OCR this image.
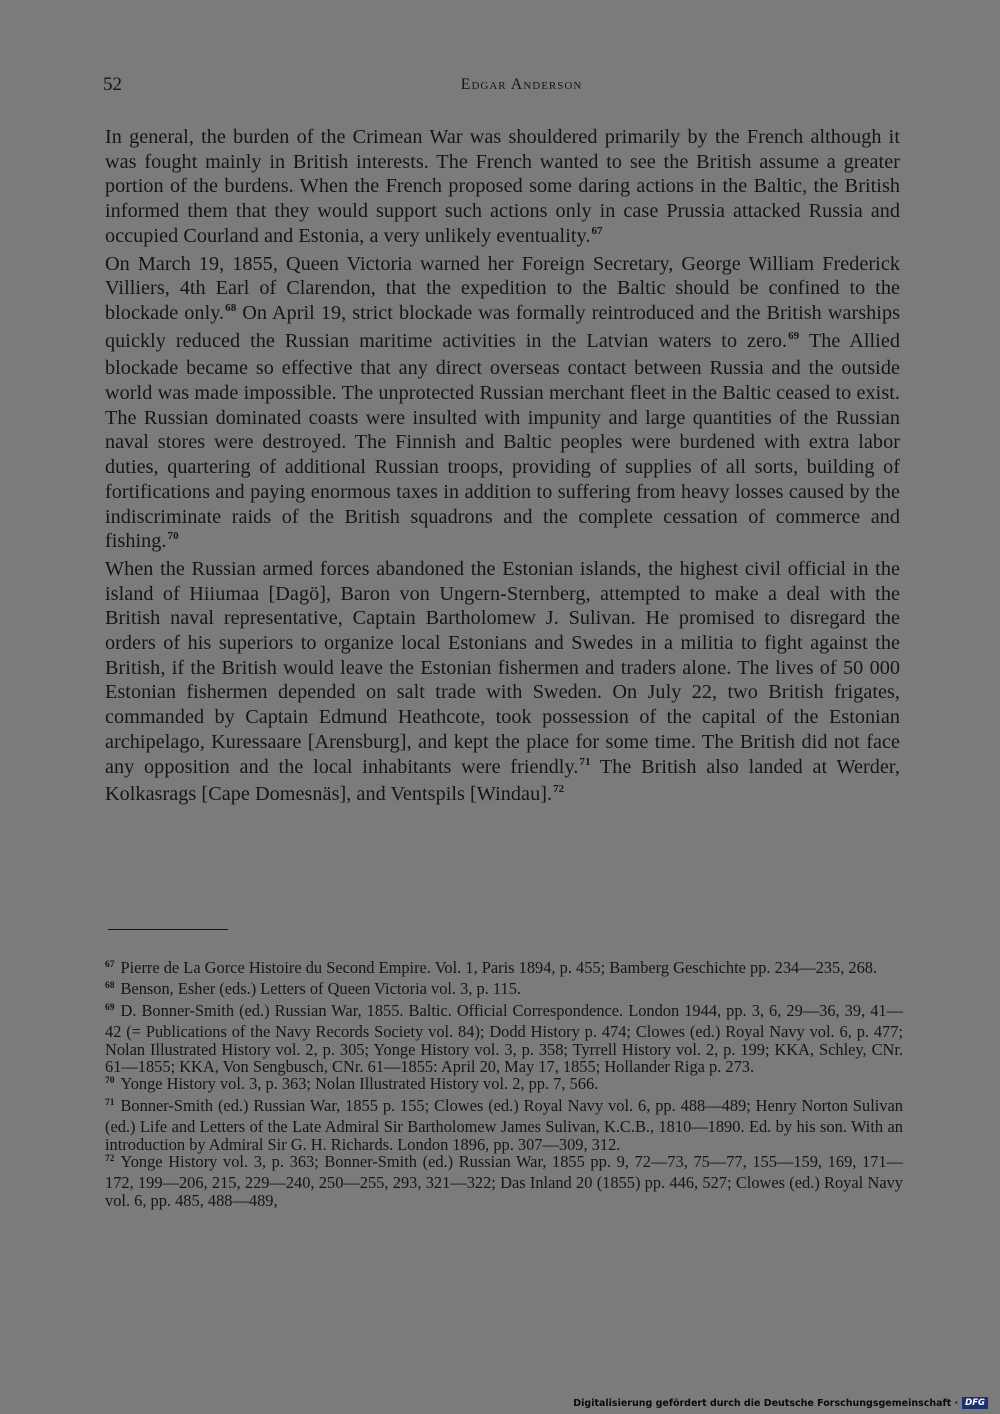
52	Edgar Anderson

In general, the burden of the Crimean War was shouldered primarily by the French although it was fought mainly in British interests. The French wanted to see the British assume a greater portion of the burdens. When the French proposed some daring actions in the Baltic, the British informed them that they would support such actions only in case Prussia attacked Russia and occupied Courland and Estonia, a very unlikely eventuality.$^{67}$

On March 19, 1855, Queen Victoria warned her Foreign Secretary, George William Frederick Villiers, 4th Earl of Clarendon, that the expedition to the Baltic should be confined to the blockade only.$^{68}$ On April 19, strict blockade was formally reintroduced and the British warships quickly reduced the Russian maritime activities in the Latvian waters to zero.$^{69}$ The Allied blockade became so effective that any direct overseas contact between Russia and the outside world was made impossible. The unprotected Russian merchant fleet in the Baltic ceased to exist. The Russian dominated coasts were insulted with impunity and large quantities of the Russian naval stores were destroyed. The Finnish and Baltic peoples were burdened with extra labor duties, quartering of additional Russian troops, providing of supplies of all sorts, building of fortifications and paying enormous taxes in addition to suffering from heavy losses caused by the indiscriminate raids of the British squadrons and the complete cessation of commerce and fishing.$^{70}$

When the Russian armed forces abandoned the Estonian islands, the highest civil official in the island of Hiiumaa [Dagö], Baron von Ungern-Sternberg, attempted to make a deal with the British naval representative, Captain Bartholomew J. Sulivan. He promised to disregard the orders of his superiors to organize local Estonians and Swedes in a militia to fight against the British, if the British would leave the Estonian fishermen and traders alone. The lives of 50 000 Estonian fishermen depended on salt trade with Sweden. On July 22, two British frigates, commanded by Captain Edmund Heathcote, took possession of the capital of the Estonian archipelago, Kuressaare [Arensburg], and kept the place for some time. The British did not face any opposition and the local inhabitants were friendly.$^{71}$ The British also landed at Werder, Kolkasrags [Cape Domesnäs], and Ventspils [Windau].$^{72}$

$^{67}$ Pierre de La Gorce Histoire du Second Empire. Vol. 1, Paris 1894, p. 455; Bamberg Geschichte pp. 234—235, 268.

$^{68}$ Benson, Esher (eds.) Letters of Queen Victoria vol. 3, p. 115.

$^{69}$ D. Bonner-Smith (ed.) Russian War, 1855. Baltic. Official Correspondence. London 1944, pp. 3, 6, 29—36, 39, 41—42 (= Publications of the Navy Records Society vol. 84); Dodd History p. 474; Clowes (ed.) Royal Navy vol. 6, p. 477; Nolan Illustrated History vol. 2, p. 305; Yonge History vol. 3, p. 358; Tyrrell History vol. 2, p. 199; KKA, Schley, CNr. 61—1855; KKA, Von Sengbusch, CNr. 61—1855: April 20, May 17, 1855; Hollander Riga p. 273.

$^{70}$ Yonge History vol. 3, p. 363; Nolan Illustrated History vol. 2, pp. 7, 566.

$^{71}$ Bonner-Smith (ed.) Russian War, 1855 p. 155; Clowes (ed.) Royal Navy vol. 6, pp. 488—489; Henry Norton Sulivan (ed.) Life and Letters of the Late Admiral Sir Bartholomew James Sulivan, K.C.B., 1810—1890. Ed. by his son. With an introduction by Admiral Sir G. H. Richards. London 1896, pp. 307—309, 312.

$^{72}$ Yonge History vol. 3, p. 363; Bonner-Smith (ed.) Russian War, 1855 pp. 9, 72—73, 75—77, 155—159, 169, 171—172, 199—206, 215, 229—240, 250—255, 293, 321—322; Das Inland 20 (1855) pp. 446, 527; Clowes (ed.) Royal Navy vol. 6, pp. 485, 488—489,

Digitalisierung gefördert durch die Deutsche Forschungsgemeinschaft · DFG
